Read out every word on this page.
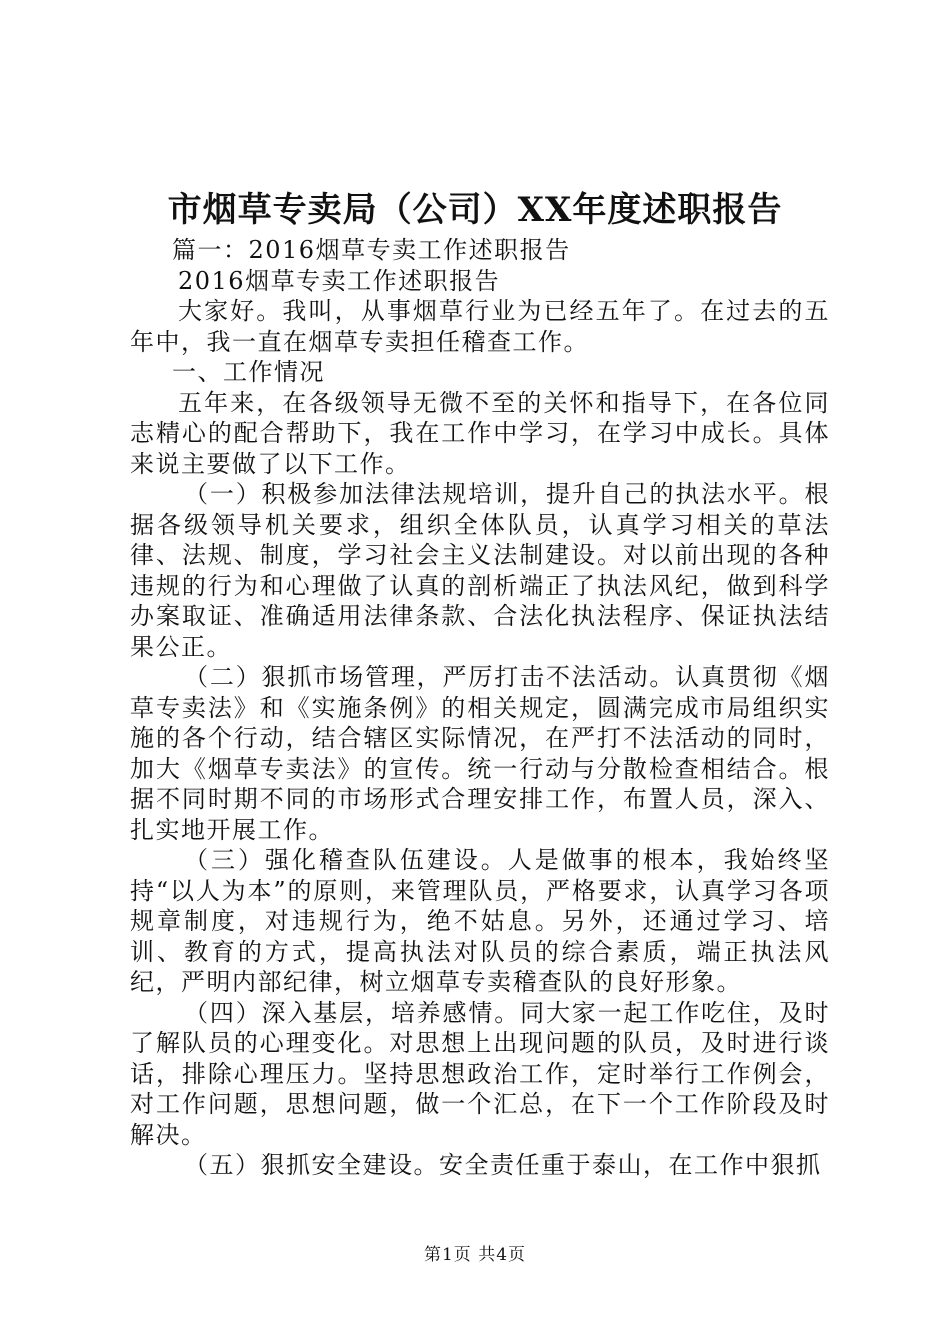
市烟草专卖局（公司）XX年度述职报告

篇一：2016烟草专卖工作述职报告

2016烟草专卖工作述职报告

大家好。我叫，从事烟草行业为已经五年了。在过去的五年中，我一直在烟草专卖担任稽查工作。

一、工作情况

五年来，在各级领导无微不至的关怀和指导下，在各位同志精心的配合帮助下，我在工作中学习，在学习中成长。具体来说主要做了以下工作。

（一）积极参加法律法规培训，提升自己的执法水平。根据各级领导机关要求，组织全体队员，认真学习相关的草法律、法规、制度，学习社会主义法制建设。对以前出现的各种违规的行为和心理做了认真的剖析端正了执法风纪，做到科学办案取证、准确适用法律条款、合法化执法程序、保证执法结果公正。

（二）狠抓市场管理，严厉打击不法活动。认真贯彻《烟草专卖法》和《实施条例》的相关规定，圆满完成市局组织实施的各个行动，结合辖区实际情况，在严打不法活动的同时，加大《烟草专卖法》的宣传。统一行动与分散检查相结合。根据不同时期不同的市场形式合理安排工作，布置人员，深入、扎实地开展工作。

（三）强化稽查队伍建设。人是做事的根本，我始终坚持“以人为本”的原则，来管理队员，严格要求，认真学习各项规章制度，对违规行为，绝不姑息。另外，还通过学习、培训、教育的方式，提高执法对队员的综合素质，端正执法风纪，严明内部纪律，树立烟草专卖稽查队的良好形象。

（四）深入基层，培养感情。同大家一起工作吃住，及时了解队员的心理变化。对思想上出现问题的队员，及时进行谈话，排除心理压力。坚持思想政治工作，定时举行工作例会，对工作问题，思想问题，做一个汇总，在下一个工作阶段及时解决。

（五）狠抓安全建设。安全责任重于泰山，在工作中狠抓

第1页 共4页
